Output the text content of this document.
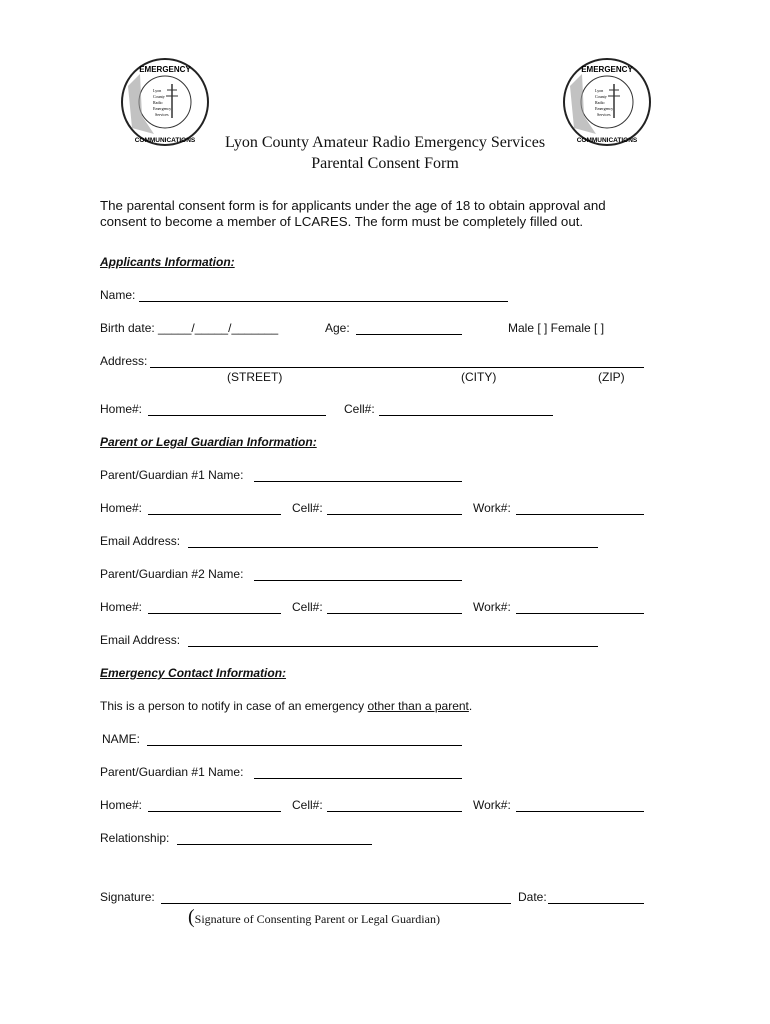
EMERGENCY
COMMUNICATIONS
Lyon
County
Radio
Emergency
Services
EMERGENCY
COMMUNICATIONS
Lyon
County
Radio
Emergency
Services
Lyon County Amateur Radio Emergency Services
Parental Consent Form
The parental consent form is for applicants under the age of 18 to obtain approval and
consent to become a member of LCARES. The form must be completely filled out.
Applicants Information:
Name:
Birth date: _____/_____/_______	Age:	Male [ ] Female [ ]
Address:
(STREET)	(CITY)	(ZIP)
Home#:	Cell#:
Parent or Legal Guardian Information:
Parent/Guardian #1 Name:
Home#:	Cell#:	Work#:
Email Address:
Parent/Guardian #2 Name:
Home#:	Cell#:	Work#:
Email Address:
Emergency Contact Information:
This is a person to notify in case of an emergency other than a parent.
NAME:
Parent/Guardian #1 Name:
Home#:	Cell#:	Work#:
Relationship:
Signature:	Date:
(Signature of Consenting Parent or Legal Guardian)
